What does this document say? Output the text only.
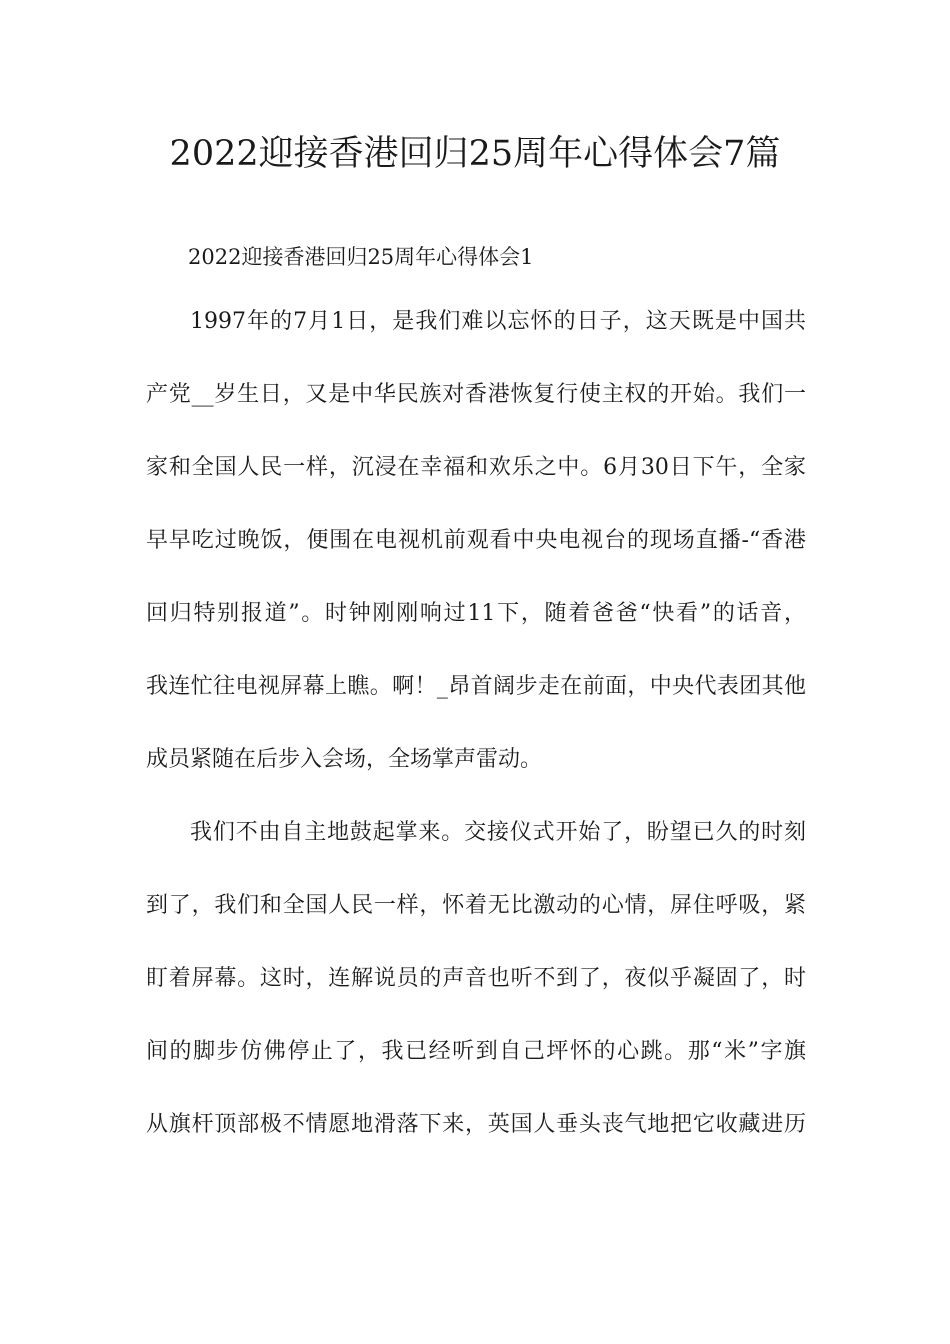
2022迎接香港回归25周年心得体会7篇
2022迎接香港回归25周年心得体会1

1997年的7月1日，是我们难以忘怀的日子，这天既是中国共

产党__岁生日，又是中华民族对香港恢复行使主权的开始。我们一

家和全国人民一样，沉浸在幸福和欢乐之中。6月30日下午，全家

早早吃过晚饭，便围在电视机前观看中央电视台的现场直播-“香港

回归特别报道”。时钟刚刚响过11下，随着爸爸“快看”的话音，

我连忙往电视屏幕上瞧。啊！_昂首阔步走在前面，中央代表团其他

成员紧随在后步入会场，全场掌声雷动。

我们不由自主地鼓起掌来。交接仪式开始了，盼望已久的时刻

到了，我们和全国人民一样，怀着无比激动的心情，屏住呼吸，紧

盯着屏幕。这时，连解说员的声音也听不到了，夜似乎凝固了，时

间的脚步仿佛停止了，我已经听到自己坪怀的心跳。那“米”字旗

从旗杆顶部极不情愿地滑落下来，英国人垂头丧气地把它收藏进历
